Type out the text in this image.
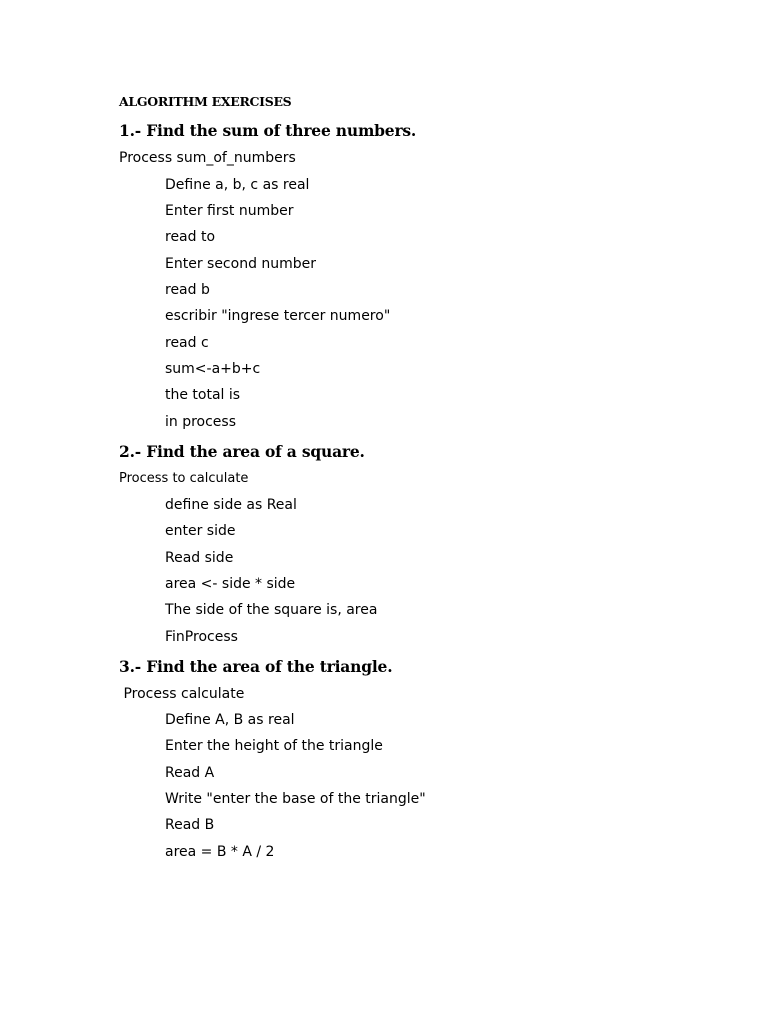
ALGORITHM EXERCISES
1.- Find the sum of three numbers.
Process sum_of_numbers
Define a, b, c as real
Enter first number
read to
Enter second number
read b
escribir "ingrese tercer numero"
read c
sum<-a+b+c
the total is
in process
2.- Find the area of a square.
Process to calculate
define side as Real
enter side
Read side
area <- side * side
The side of the square is, area
FinProcess
3.- Find the area of the triangle.
Process calculate
Define A, B as real
Enter the height of the triangle
Read A
Write "enter the base of the triangle"
Read B
area = B * A / 2
